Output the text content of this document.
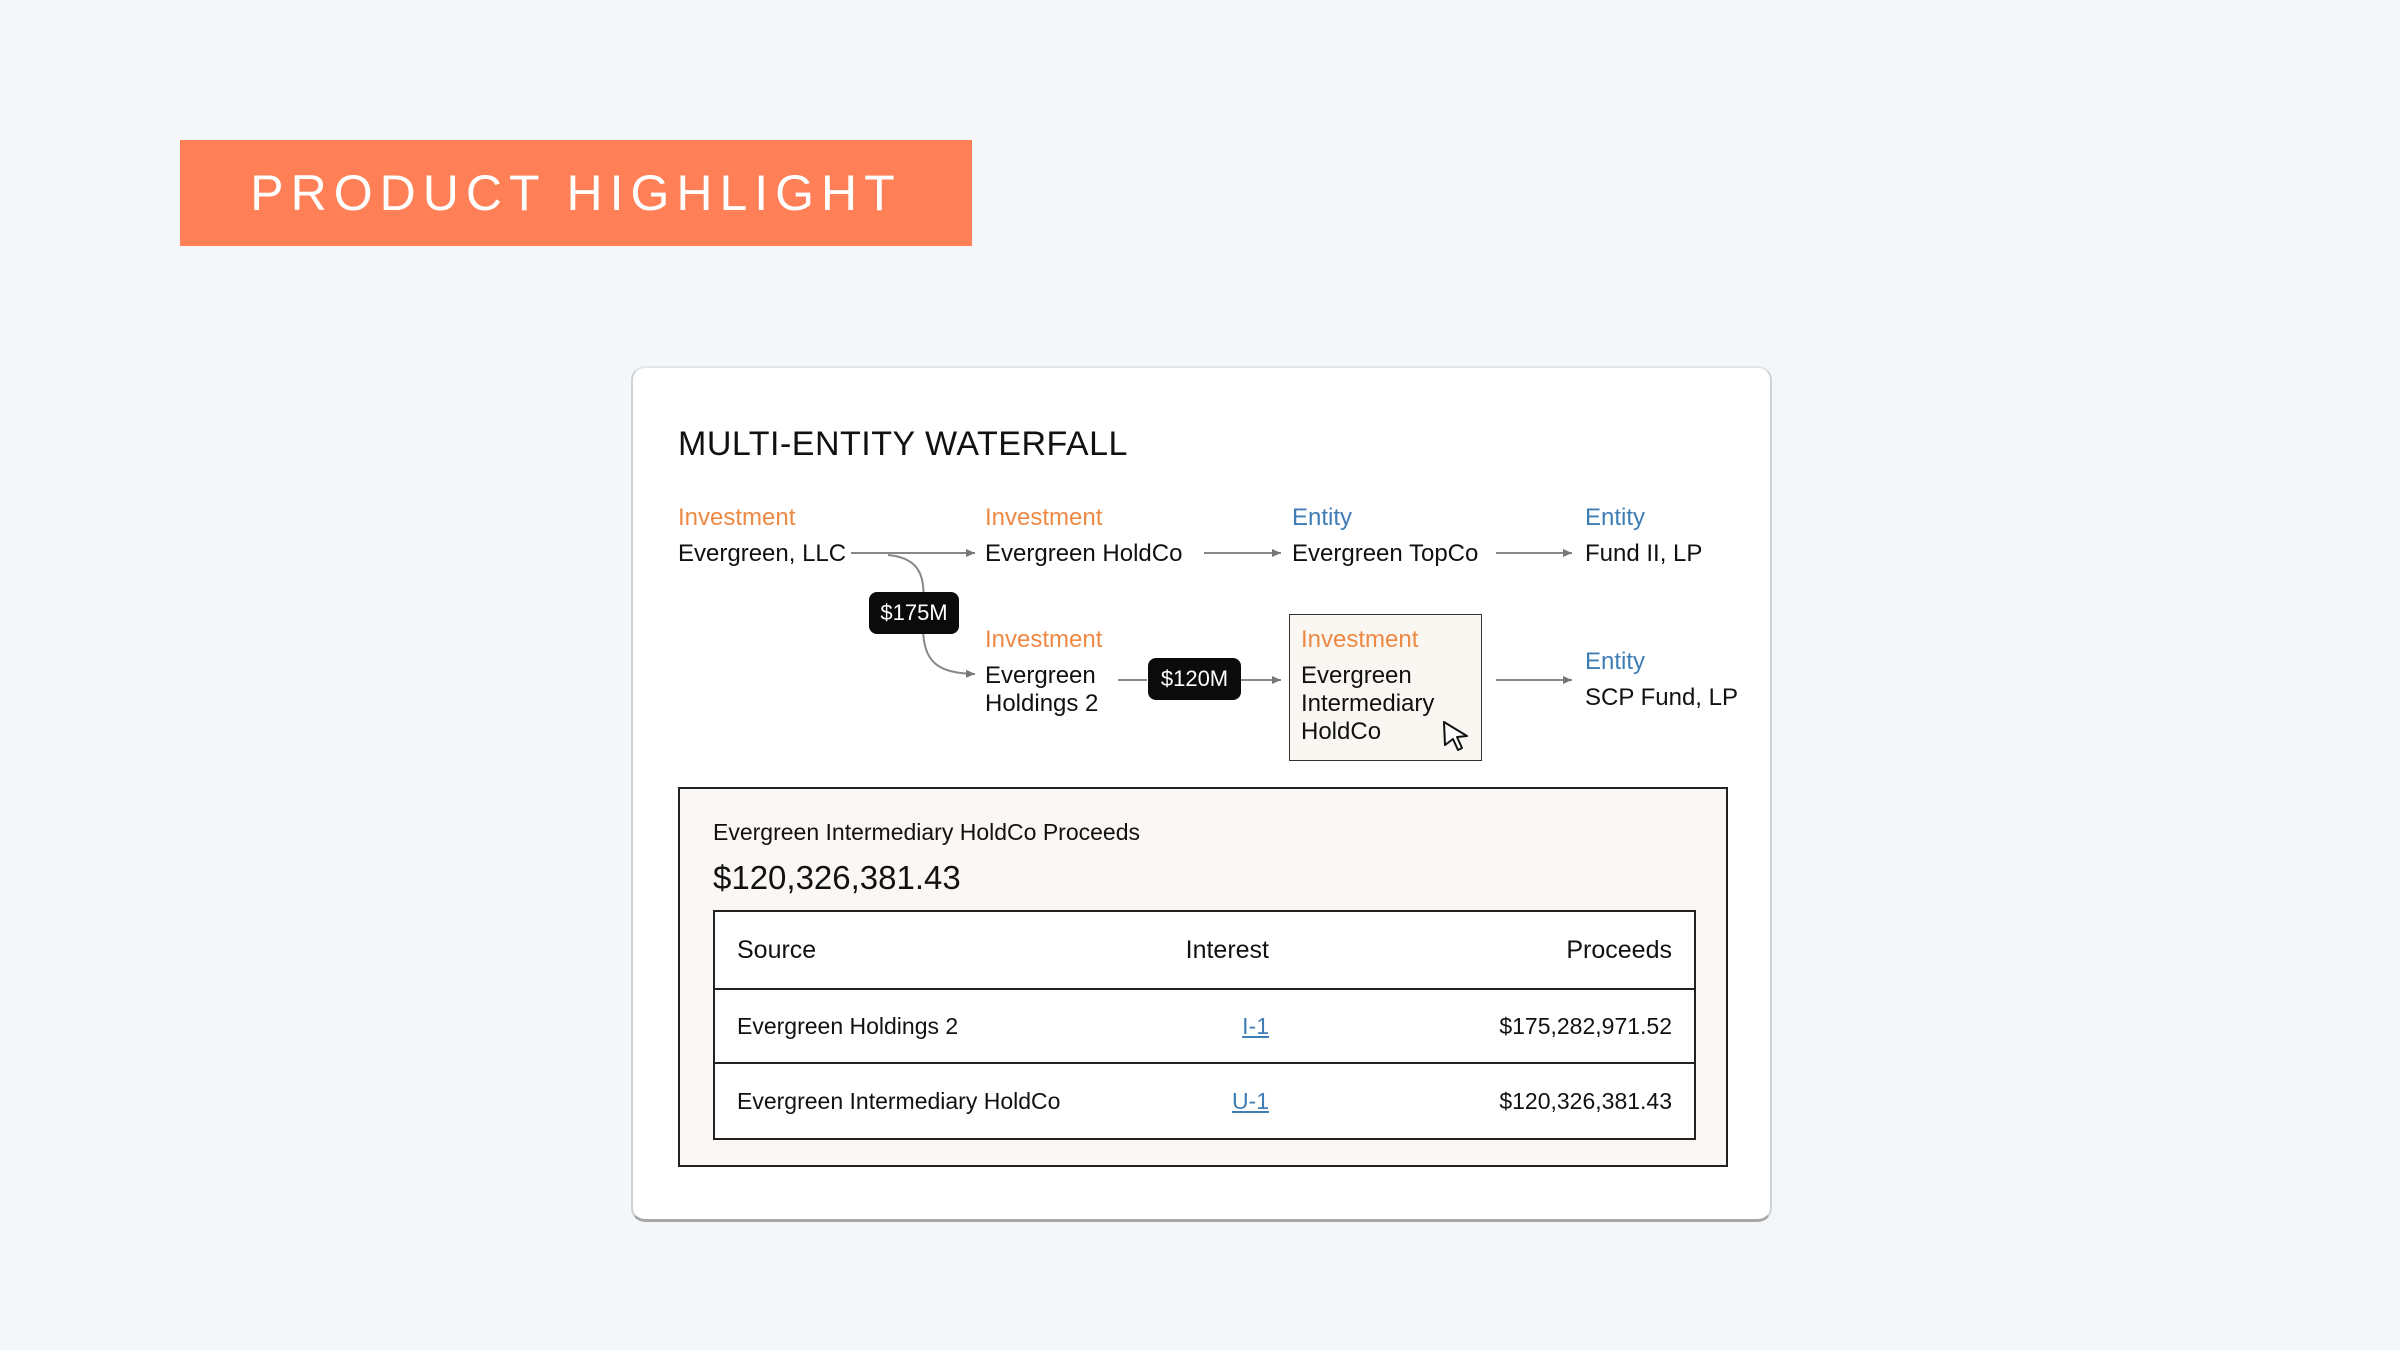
PRODUCT HIGHLIGHT
MULTI-ENTITY WATERFALL
Investment
Evergreen, LLC
Investment
Evergreen HoldCo
Entity
Evergreen TopCo
Entity
Fund II, LP
Investment
Evergreen Holdings 2
Investment
Evergreen Intermediary HoldCo
Entity
SCP Fund, LP
$175M
$120M
Evergreen Intermediary HoldCo Proceeds
$120,326,381.43
Source	Interest	Proceeds
Evergreen Holdings 2	I-1	$175,282,971.52
Evergreen Intermediary HoldCo	U-1	$120,326,381.43
